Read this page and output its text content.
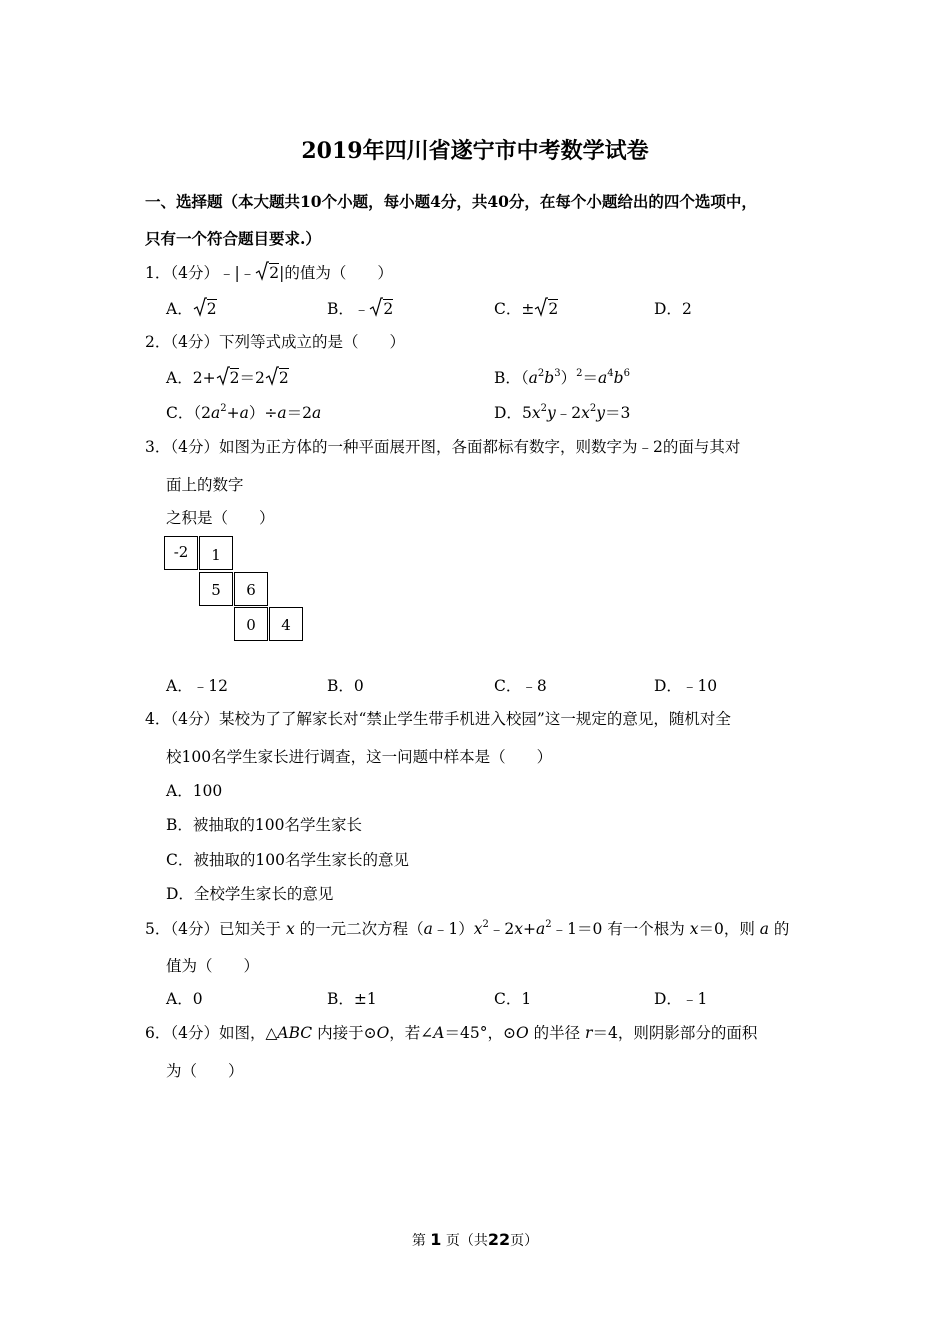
2019年四川省遂宁市中考数学试卷
一、选择题（本大题共10个小题，每小题4分，共40分，在每个小题给出的四个选项中，
只有一个符合题目要求.）
1．（4分）﹣|﹣ 2|的值为（　　）
A． 2	B．﹣ 2	C．± 2	D．2
2．（4分）下列等式成立的是（　　）
A．2+ 2＝2 2	B．$(a^2b^3)^2=a^4b^6$
C．$(2a^2+a)\div a=2a$	D．$5x^2y﹣2x^2y=3$
3．（4分）如图为正方体的一种平面展开图，各面都标有数字，则数字为﹣2的面与其对
面上的数字
之积是（　　）
-2	1
5	6
0	4
A．﹣12	B．0	C．﹣8	D．﹣10
4．（4分）某校为了了解家长对“禁止学生带手机进入校园”这一规定的意见，随机对全
校100名学生家长进行调查，这一问题中样本是（　　）
A．100
B．被抽取的100名学生家长
C．被抽取的100名学生家长的意见
D．全校学生家长的意见
5．（4分）已知关于 x 的一元二次方程$(a﹣1)x^2﹣2x+a^2﹣1=0$ 有一个根为 x＝0，则 a 的
值为（　　）
A．0	B．±1	C．1	D．﹣1
6．（4分）如图，△ABC 内接于⊙O，若∠A＝45°，⊙O 的半径 r＝4，则阴影部分的面积
为（　　）
第 1 页（共22页）
